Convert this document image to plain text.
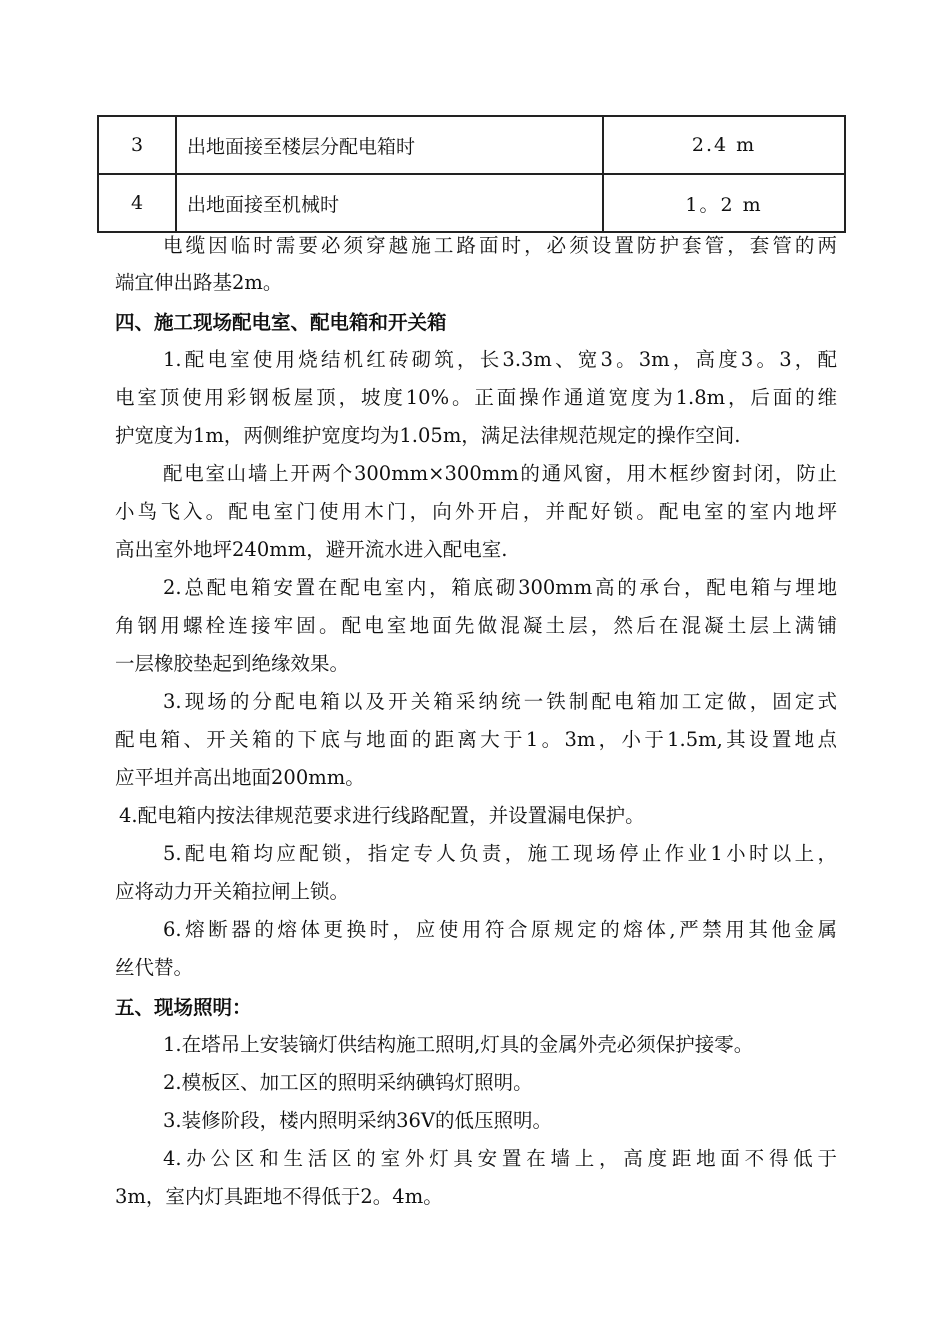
3	出地面接至楼层分配电箱时	2.4 m
4	出地面接至机械时	1。2 m

电缆因临时需要必须穿越施工路面时，必须设置防护套管，套管的两

端宜伸出路基2m。

四、施工现场配电室、配电箱和开关箱

1.配电室使用烧结机红砖砌筑，长3.3m、宽3。3m，高度3。3，配

电室顶使用彩钢板屋顶，坡度10%。正面操作通道宽度为1.8m，后面的维

护宽度为1m，两侧维护宽度均为1.05m，满足法律规范规定的操作空间.

配电室山墙上开两个300mm×300mm的通风窗，用木框纱窗封闭，防止

小鸟飞入。配电室门使用木门，向外开启，并配好锁。配电室的室内地坪

高出室外地坪240mm，避开流水进入配电室.

2.总配电箱安置在配电室内，箱底砌300mm高的承台，配电箱与埋地

角钢用螺栓连接牢固。配电室地面先做混凝土层，然后在混凝土层上满铺

一层橡胶垫起到绝缘效果。

3.现场的分配电箱以及开关箱采纳统一铁制配电箱加工定做，固定式

配电箱、开关箱的下底与地面的距离大于1。3m，小于1.5m,其设置地点

应平坦并高出地面200mm。

4.配电箱内按法律规范要求进行线路配置，并设置漏电保护。

5.配电箱均应配锁，指定专人负责，施工现场停止作业1小时以上，

应将动力开关箱拉闸上锁。

6.熔断器的熔体更换时，应使用符合原规定的熔体,严禁用其他金属

丝代替。

五、现场照明：

1.在塔吊上安装镝灯供结构施工照明,灯具的金属外壳必须保护接零。

2.模板区、加工区的照明采纳碘钨灯照明。

3.装修阶段，楼内照明采纳36V的低压照明。

4.办公区和生活区的室外灯具安置在墙上，高度距地面不得低于

3m，室内灯具距地不得低于2。4m。
